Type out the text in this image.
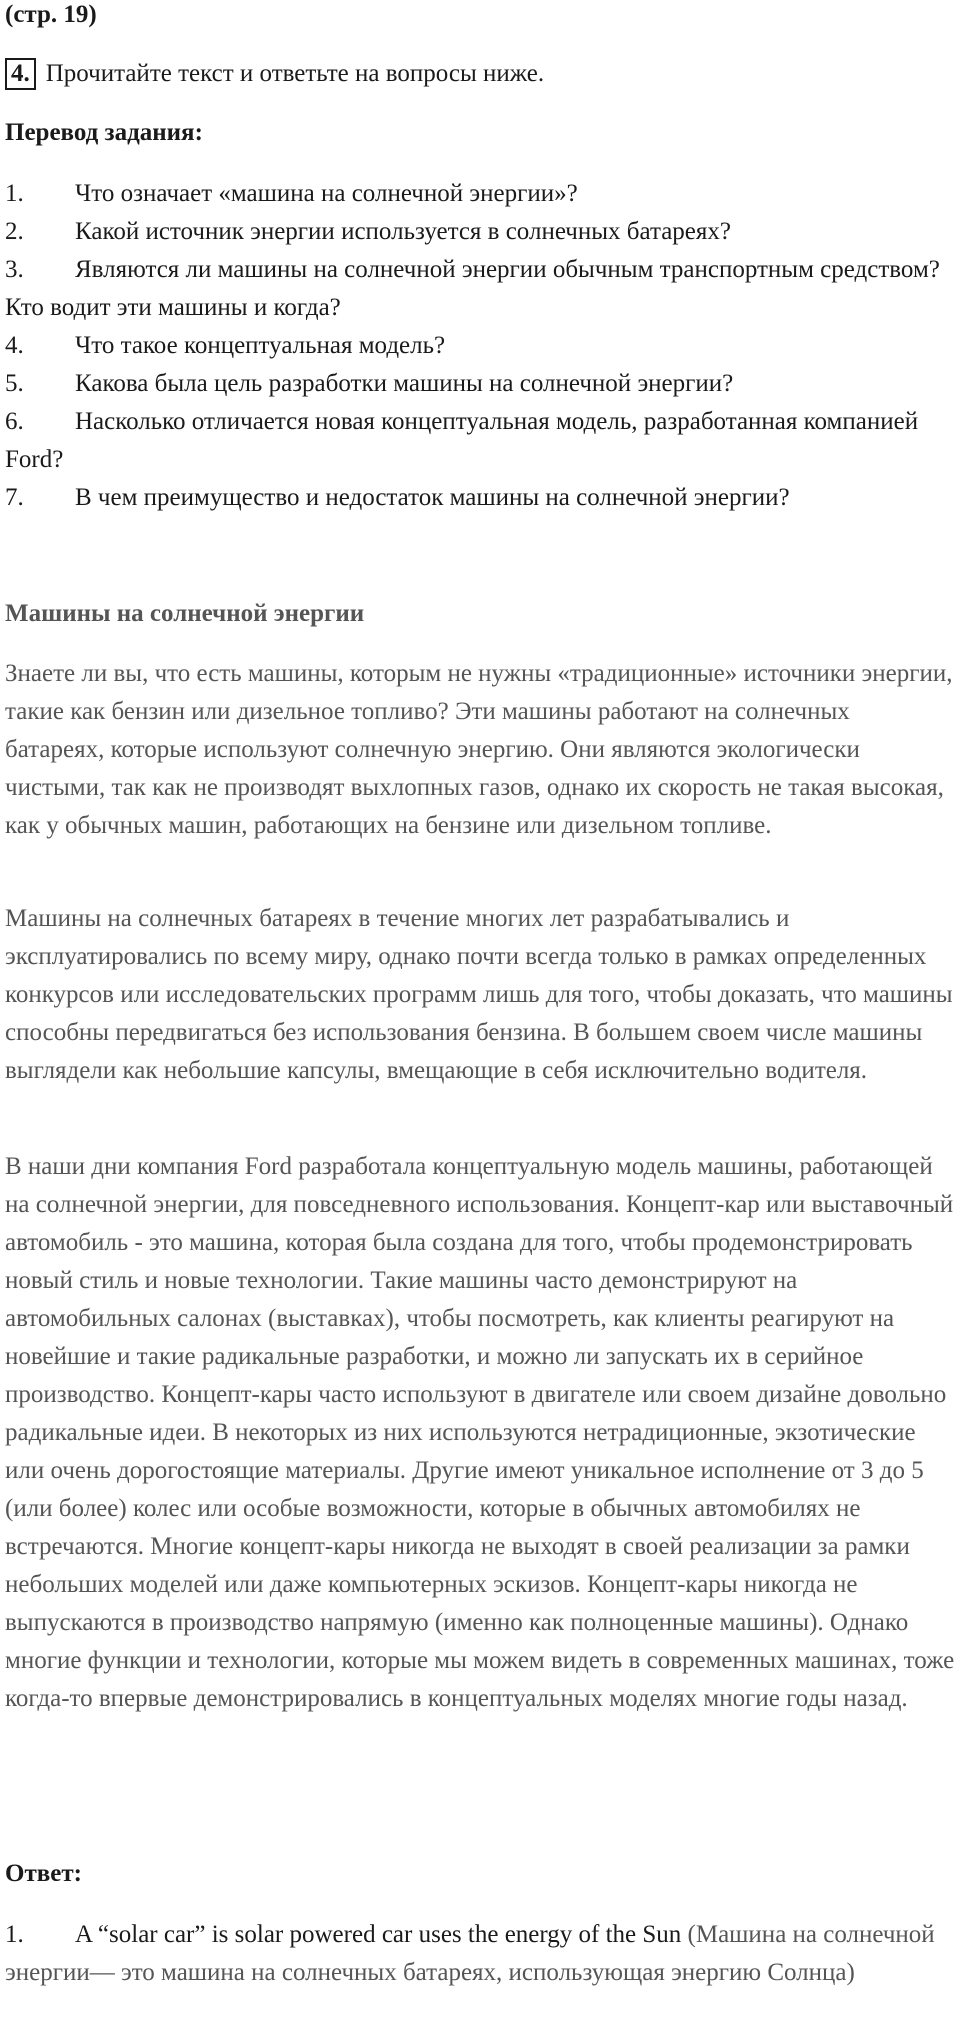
(стр. 19)

4. Прочитайте текст и ответьте на вопросы ниже.

Перевод задания:

1. Что означает «машина на солнечной энергии»?
2. Какой источник энергии используется в солнечных батареях?
3. Являются ли машины на солнечной энергии обычным транспортным средством? Кто водит эти машины и когда?
4. Что такое концептуальная модель?
5. Какова была цель разработки машины на солнечной энергии?
6. Насколько отличается новая концептуальная модель, разработанная компанией Ford?
7. В чем преимущество и недостаток машины на солнечной энергии?

Машины на солнечной энергии

Знаете ли вы, что есть машины, которым не нужны «традиционные» источники энергии, такие как бензин или дизельное топливо? Эти машины работают на солнечных батареях, которые используют солнечную энергию. Они являются экологически чистыми, так как не производят выхлопных газов, однако их скорость не такая высокая, как у обычных машин, работающих на бензине или дизельном топливе.

Машины на солнечных батареях в течение многих лет разрабатывались и эксплуатировались по всему миру, однако почти всегда только в рамках определенных конкурсов или исследовательских программ лишь для того, чтобы доказать, что машины способны передвигаться без использования бензина. В большем своем числе машины выглядели как небольшие капсулы, вмещающие в себя исключительно водителя.

В наши дни компания Ford разработала концептуальную модель машины, работающей на солнечной энергии, для повседневного использования. Концепт-кар или выставочный автомобиль - это машина, которая была создана для того, чтобы продемонстрировать новый стиль и новые технологии. Такие машины часто демонстрируют на автомобильных салонах (выставках), чтобы посмотреть, как клиенты реагируют на новейшие и такие радикальные разработки, и можно ли запускать их в серийное производство. Концепт-кары часто используют в двигателе или своем дизайне довольно радикальные идеи. В некоторых из них используются нетрадиционные, экзотические или очень дорогостоящие материалы. Другие имеют уникальное исполнение от 3 до 5 (или более) колес или особые возможности, которые в обычных автомобилях не встречаются. Многие концепт-кары никогда не выходят в своей реализации за рамки небольших моделей или даже компьютерных эскизов. Концепт-кары никогда не выпускаются в производство напрямую (именно как полноценные машины). Однако многие функции и технологии, которые мы можем видеть в современных машинах, тоже когда-то впервые демонстрировались в концептуальных моделях многие годы назад.

Ответ:

1. A “solar car” is solar powered car uses the energy of the Sun (Машина на солнечной энергии— это машина на солнечных батареях, использующая энергию Солнца)
